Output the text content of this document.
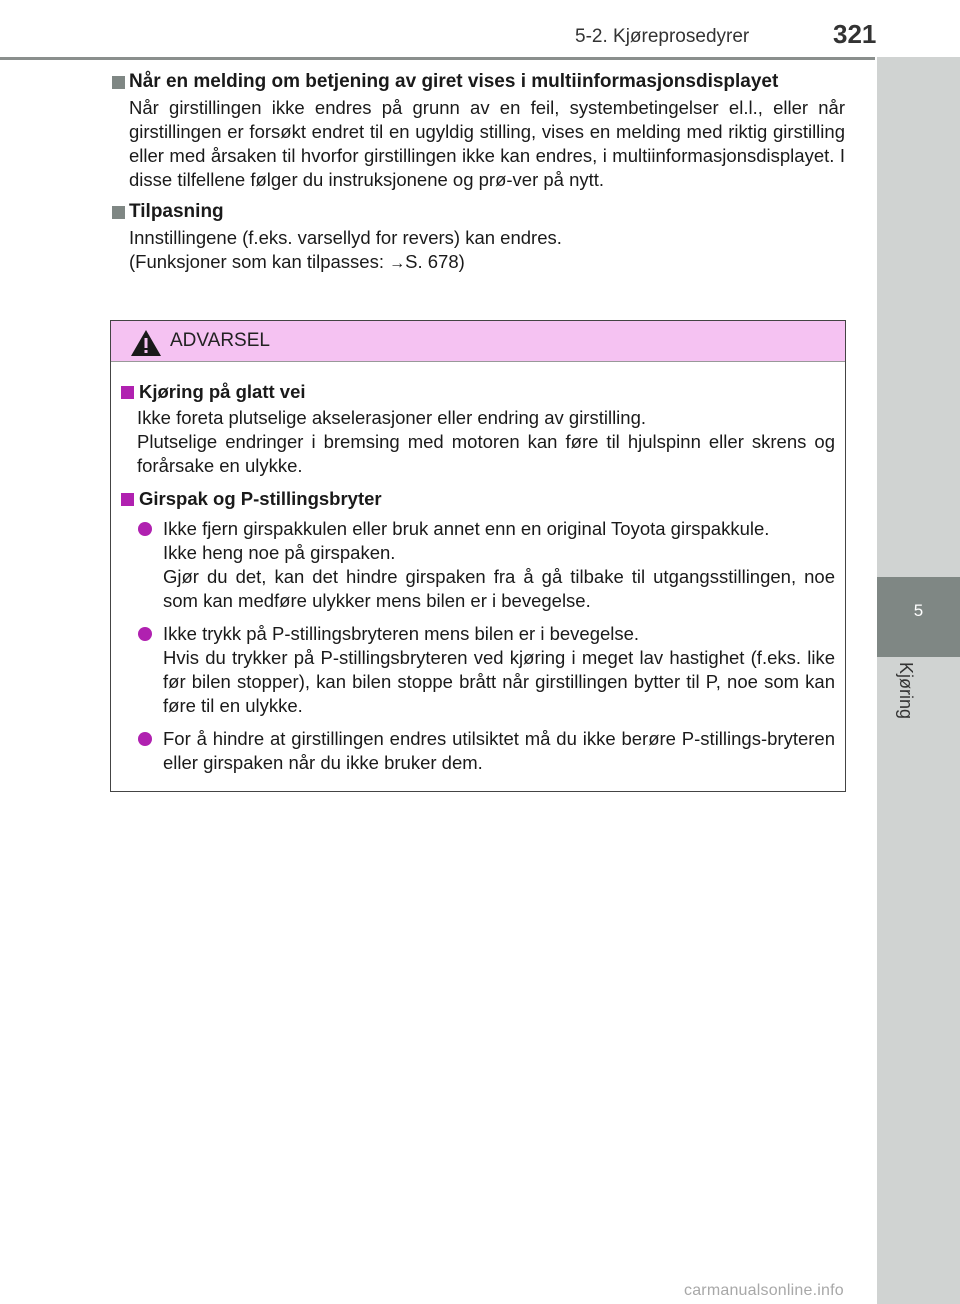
5-2. Kjøreprosedyrer	321
5
Kjøring
Når en melding om betjening av giret vises i multiinformasjonsdisplayet
Når girstillingen ikke endres på grunn av en feil, systembetingelser el.l., eller når girstillingen er forsøkt endret til en ugyldig stilling, vises en melding med riktig girstilling eller med årsaken til hvorfor girstillingen ikke kan endres, i multiinformasjonsdisplayet. I disse tilfellene følger du instruksjonene og prø-ver på nytt.
Tilpasning
Innstillingene (f.eks. varsellyd for revers) kan endres.
(Funksjoner som kan tilpasses: →S. 678)
ADVARSEL
Kjøring på glatt vei
Ikke foreta plutselige akselerasjoner eller endring av girstilling.
Plutselige endringer i bremsing med motoren kan føre til hjulspinn eller skrens og forårsake en ulykke.
Girspak og P-stillingsbryter
Ikke fjern girspakkulen eller bruk annet enn en original Toyota girspakkule.
Ikke heng noe på girspaken.
Gjør du det, kan det hindre girspaken fra å gå tilbake til utgangsstillingen, noe som kan medføre ulykker mens bilen er i bevegelse.
Ikke trykk på P-stillingsbryteren mens bilen er i bevegelse.
Hvis du trykker på P-stillingsbryteren ved kjøring i meget lav hastighet (f.eks. like før bilen stopper), kan bilen stoppe brått når girstillingen bytter til P, noe som kan føre til en ulykke.
For å hindre at girstillingen endres utilsiktet må du ikke berøre P-stillings-bryteren eller girspaken når du ikke bruker dem.
carmanualsonline.info
